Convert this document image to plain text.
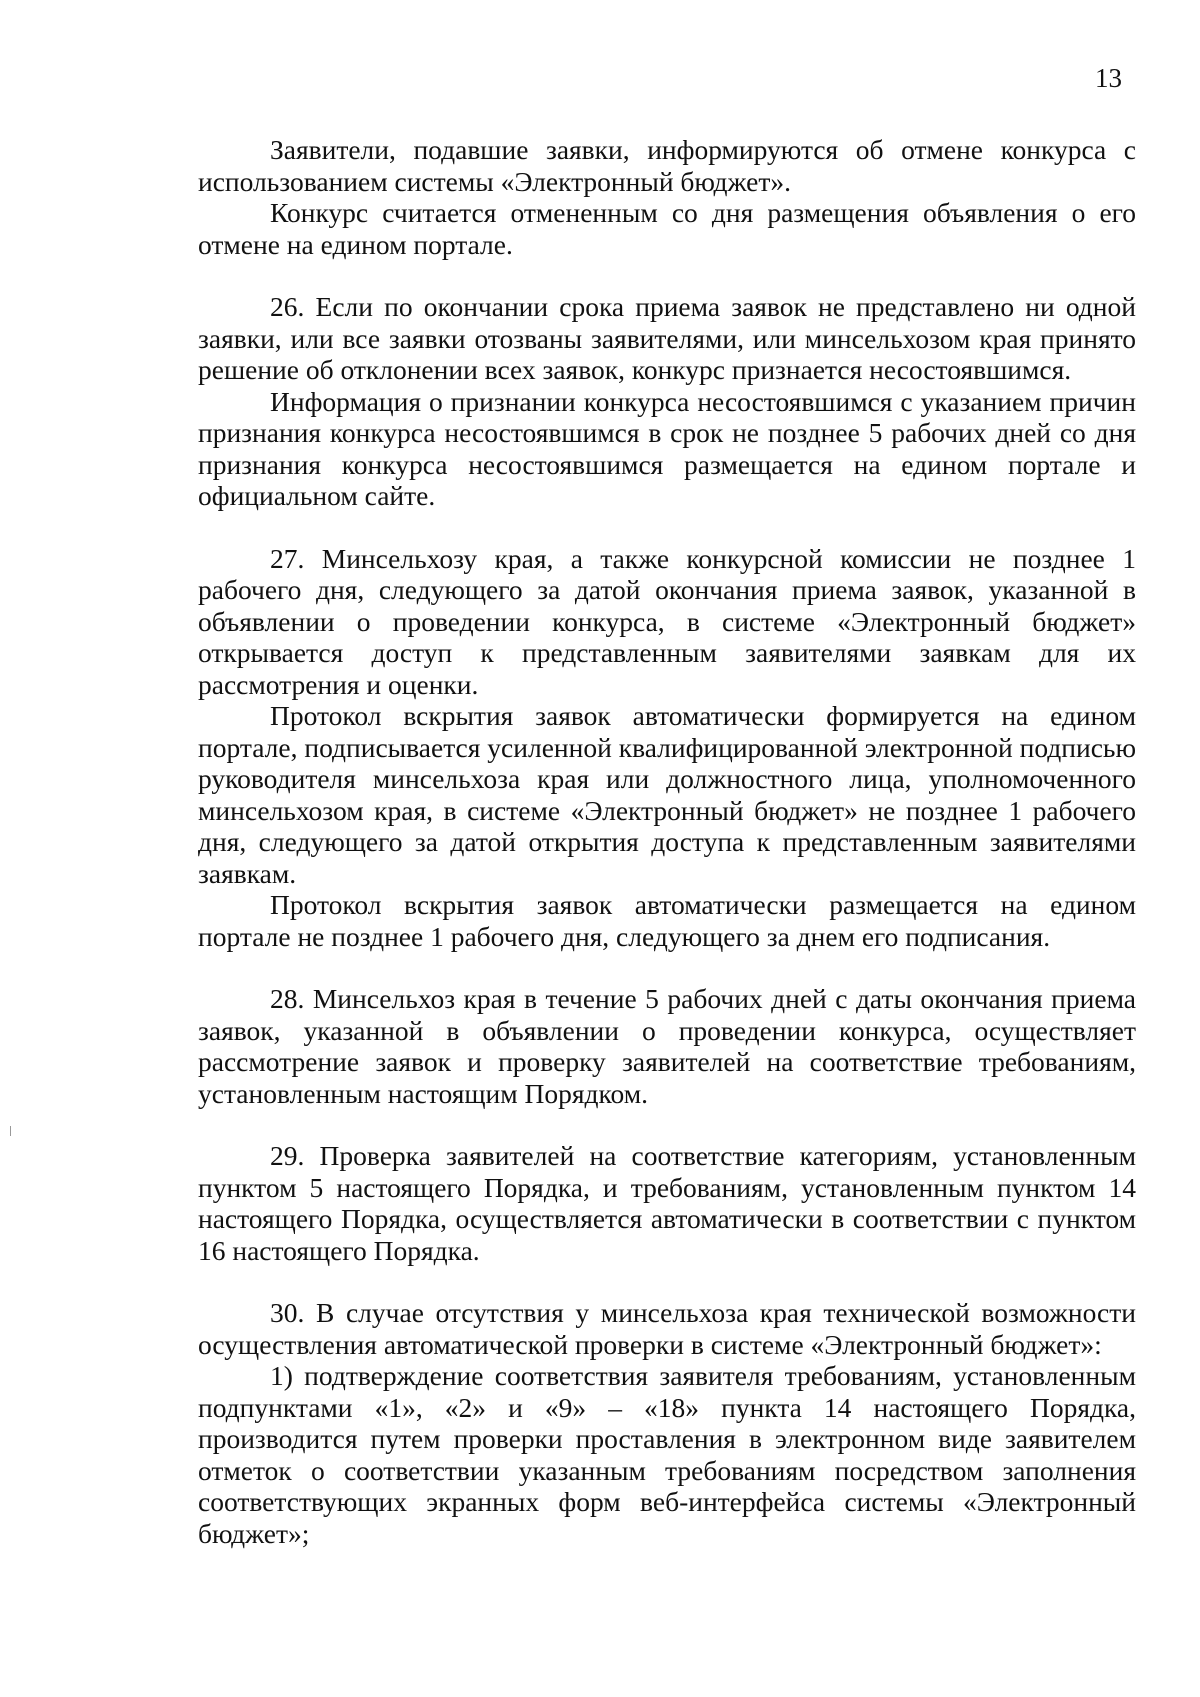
13

Заявители, подавшие заявки, информируются об отмене конкурса с использованием системы «Электронный бюджет».

Конкурс считается отмененным со дня размещения объявления о его отмене на едином портале.

26. Если по окончании срока приема заявок не представлено ни одной заявки, или все заявки отозваны заявителями, или минсельхозом края принято решение об отклонении всех заявок, конкурс признается несостоявшимся.

Информация о признании конкурса несостоявшимся с указанием причин признания конкурса несостоявшимся в срок не позднее 5 рабочих дней со дня признания конкурса несостоявшимся размещается на едином портале и официальном сайте.

27. Минсельхозу края, а также конкурсной комиссии не позднее 1 рабочего дня, следующего за датой окончания приема заявок, указанной в объявлении о проведении конкурса, в системе «Электронный бюджет» открывается доступ к представленным заявителями заявкам для их рассмотрения и оценки.

Протокол вскрытия заявок автоматически формируется на едином портале, подписывается усиленной квалифицированной электронной подписью руководителя минсельхоза края или должностного лица, уполномоченного минсельхозом края, в системе «Электронный бюджет» не позднее 1 рабочего дня, следующего за датой открытия доступа к представленным заявителями заявкам.

Протокол вскрытия заявок автоматически размещается на едином портале не позднее 1 рабочего дня, следующего за днем его подписания.

28. Минсельхоз края в течение 5 рабочих дней с даты окончания приема заявок, указанной в объявлении о проведении конкурса, осуществляет рассмотрение заявок и проверку заявителей на соответствие требованиям, установленным настоящим Порядком.

29. Проверка заявителей на соответствие категориям, установленным пунктом 5 настоящего Порядка, и требованиям, установленным пунктом 14 настоящего Порядка, осуществляется автоматически в соответствии с пунктом 16 настоящего Порядка.

30. В случае отсутствия у минсельхоза края технической возможности осуществления автоматической проверки в системе «Электронный бюджет»:

1) подтверждение соответствия заявителя требованиям, установленным подпунктами «1», «2» и «9» – «18» пункта 14 настоящего Порядка, производится путем проверки проставления в электронном виде заявителем отметок о соответствии указанным требованиям посредством заполнения соответствующих экранных форм веб-интерфейса системы «Электронный бюджет»;
